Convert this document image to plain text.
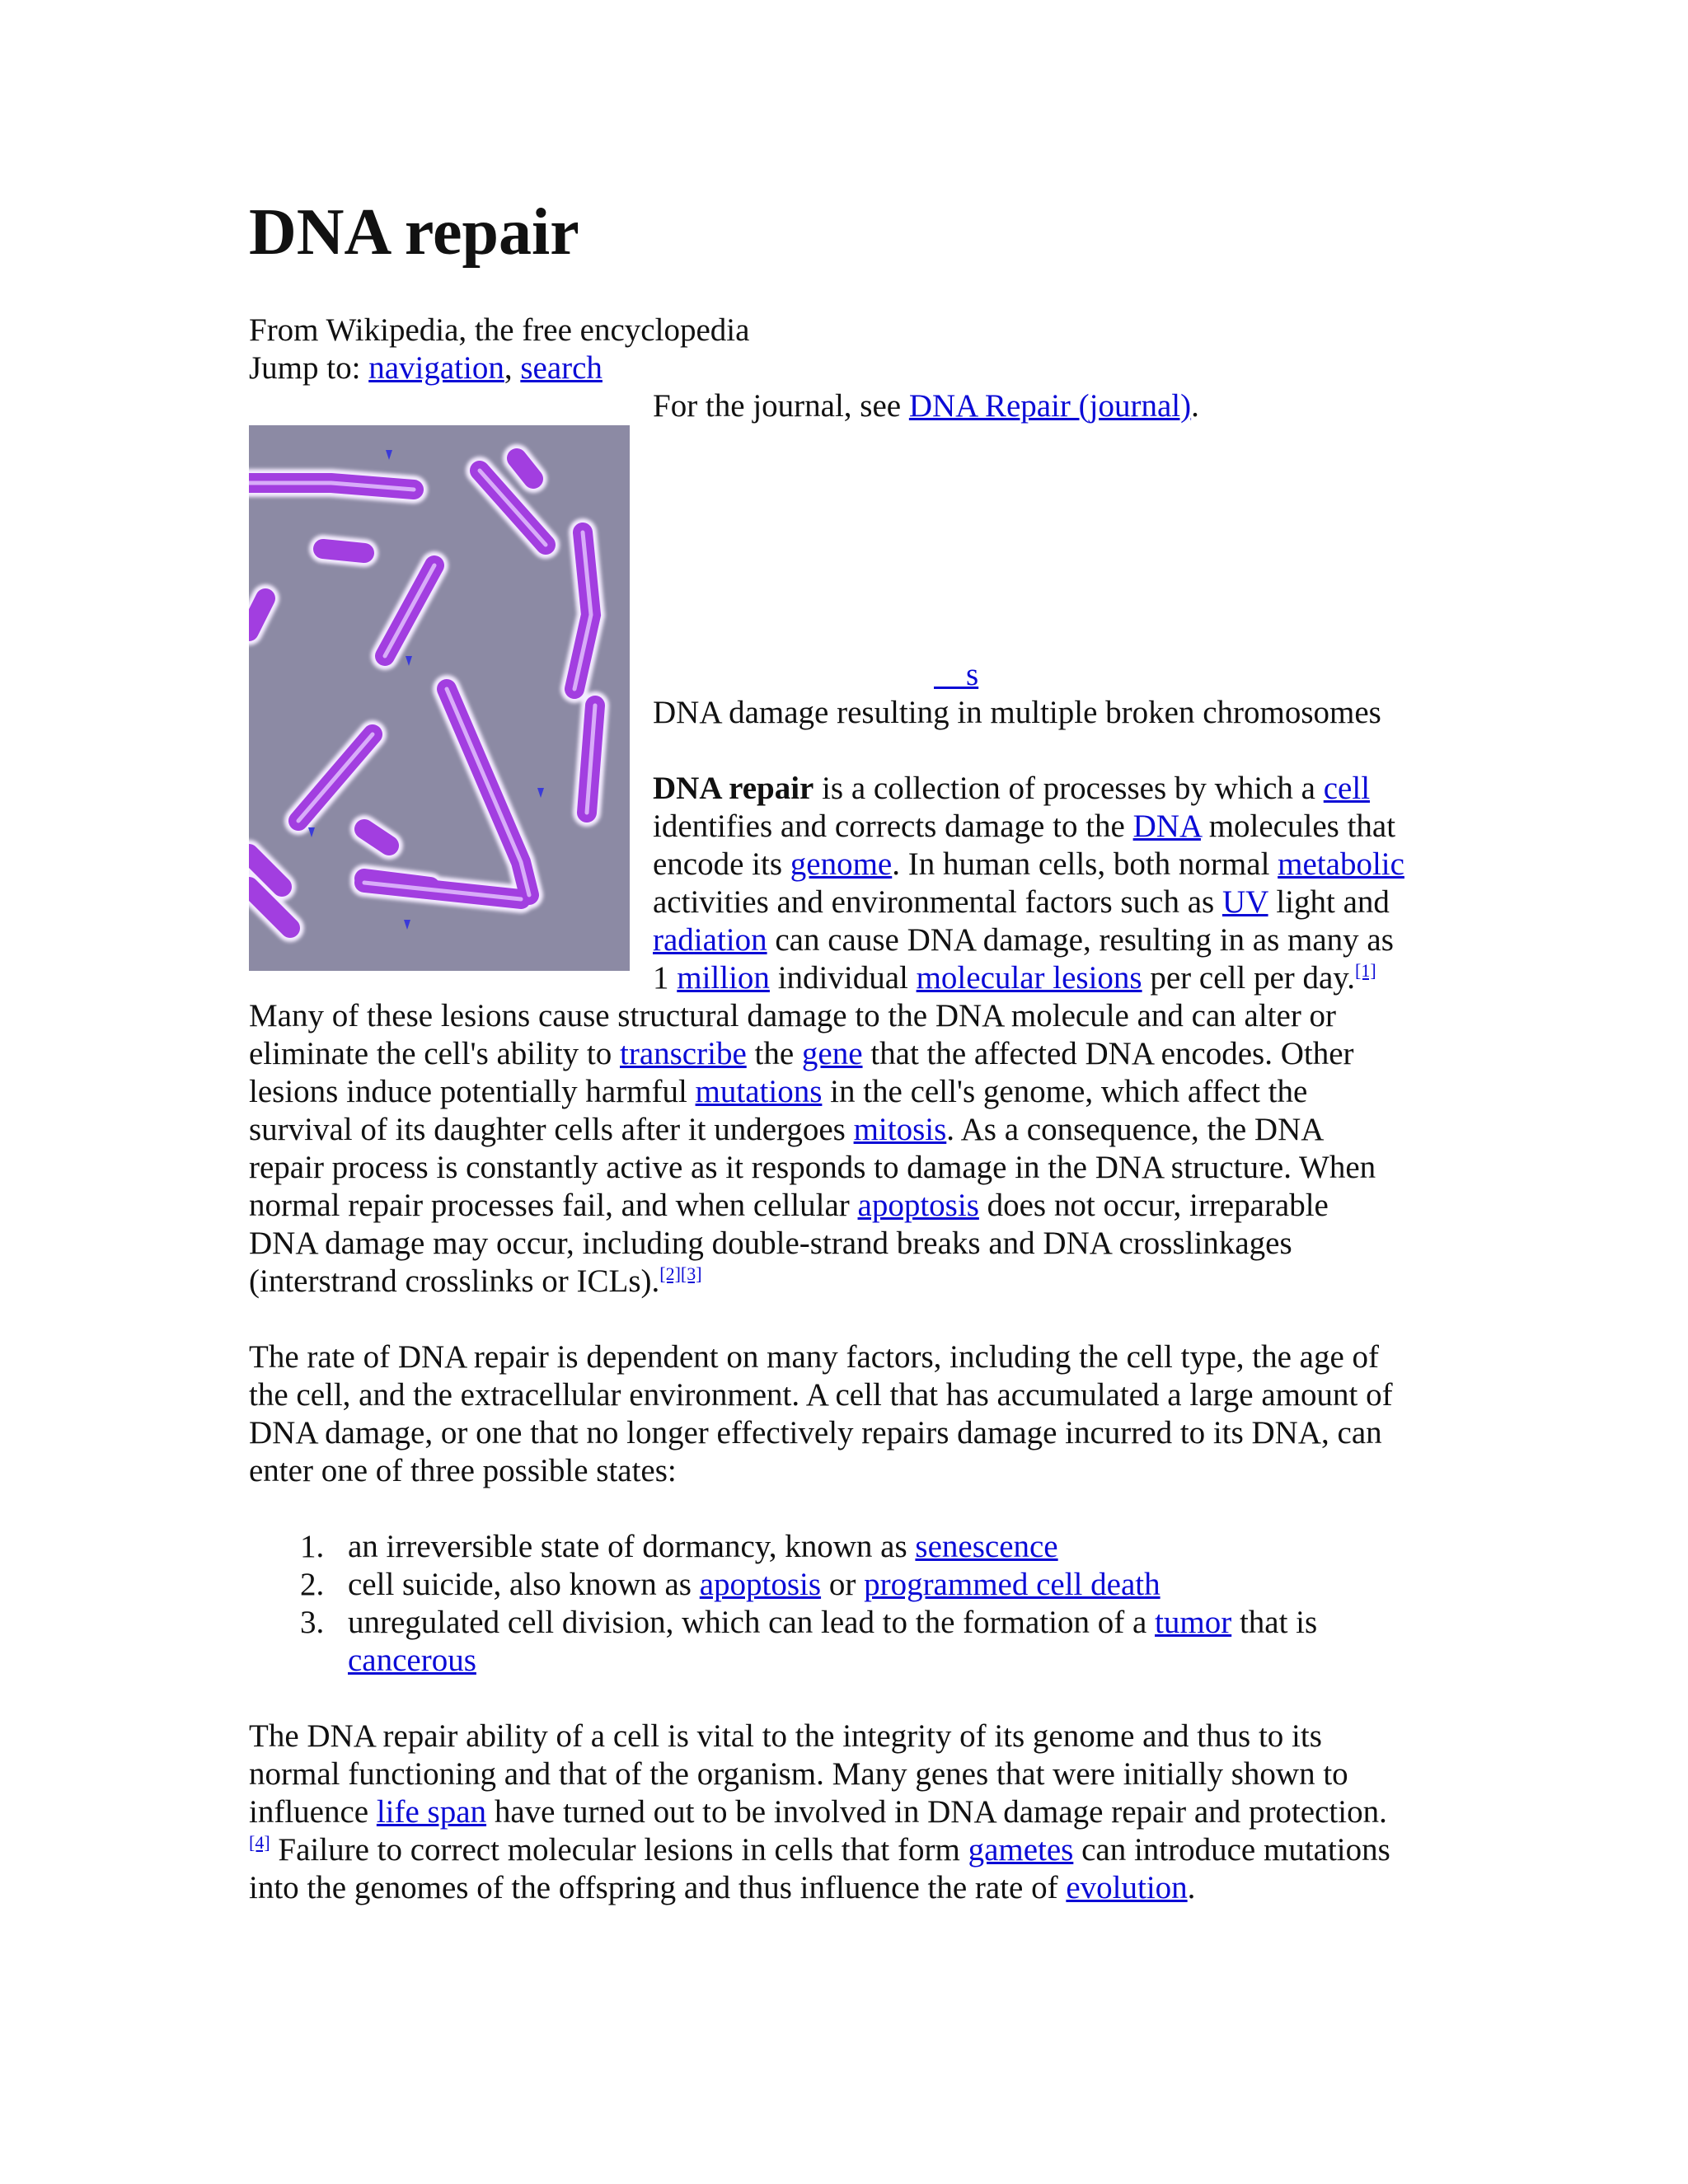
DNA repair
From Wikipedia, the free encyclopedia
Jump to: navigation, search
For the journal, see DNA Repair (journal).

s

DNA damage resulting in multiple broken chromosomes
DNA repair is a collection of processes by which a cell
identifies and corrects damage to the DNA molecules that
encode its genome. In human cells, both normal metabolic
activities and environmental factors such as UV light and
radiation can cause DNA damage, resulting in as many as
1 million individual molecular lesions per cell per day.[1]
Many of these lesions cause structural damage to the DNA molecule and can alter or
eliminate the cell's ability to transcribe the gene that the affected DNA encodes. Other
lesions induce potentially harmful mutations in the cell's genome, which affect the
survival of its daughter cells after it undergoes mitosis. As a consequence, the DNA
repair process is constantly active as it responds to damage in the DNA structure. When
normal repair processes fail, and when cellular apoptosis does not occur, irreparable
DNA damage may occur, including double-strand breaks and DNA crosslinkages
(interstrand crosslinks or ICLs).[2][3]
The rate of DNA repair is dependent on many factors, including the cell type, the age of
the cell, and the extracellular environment. A cell that has accumulated a large amount of
DNA damage, or one that no longer effectively repairs damage incurred to its DNA, can
enter one of three possible states:
1. an irreversible state of dormancy, known as senescence
2. cell suicide, also known as apoptosis or programmed cell death
3. unregulated cell division, which can lead to the formation of a tumor that is
cancerous
The DNA repair ability of a cell is vital to the integrity of its genome and thus to its
normal functioning and that of the organism. Many genes that were initially shown to
influence life span have turned out to be involved in DNA damage repair and protection.
[4] Failure to correct molecular lesions in cells that form gametes can introduce mutations
into the genomes of the offspring and thus influence the rate of evolution.
